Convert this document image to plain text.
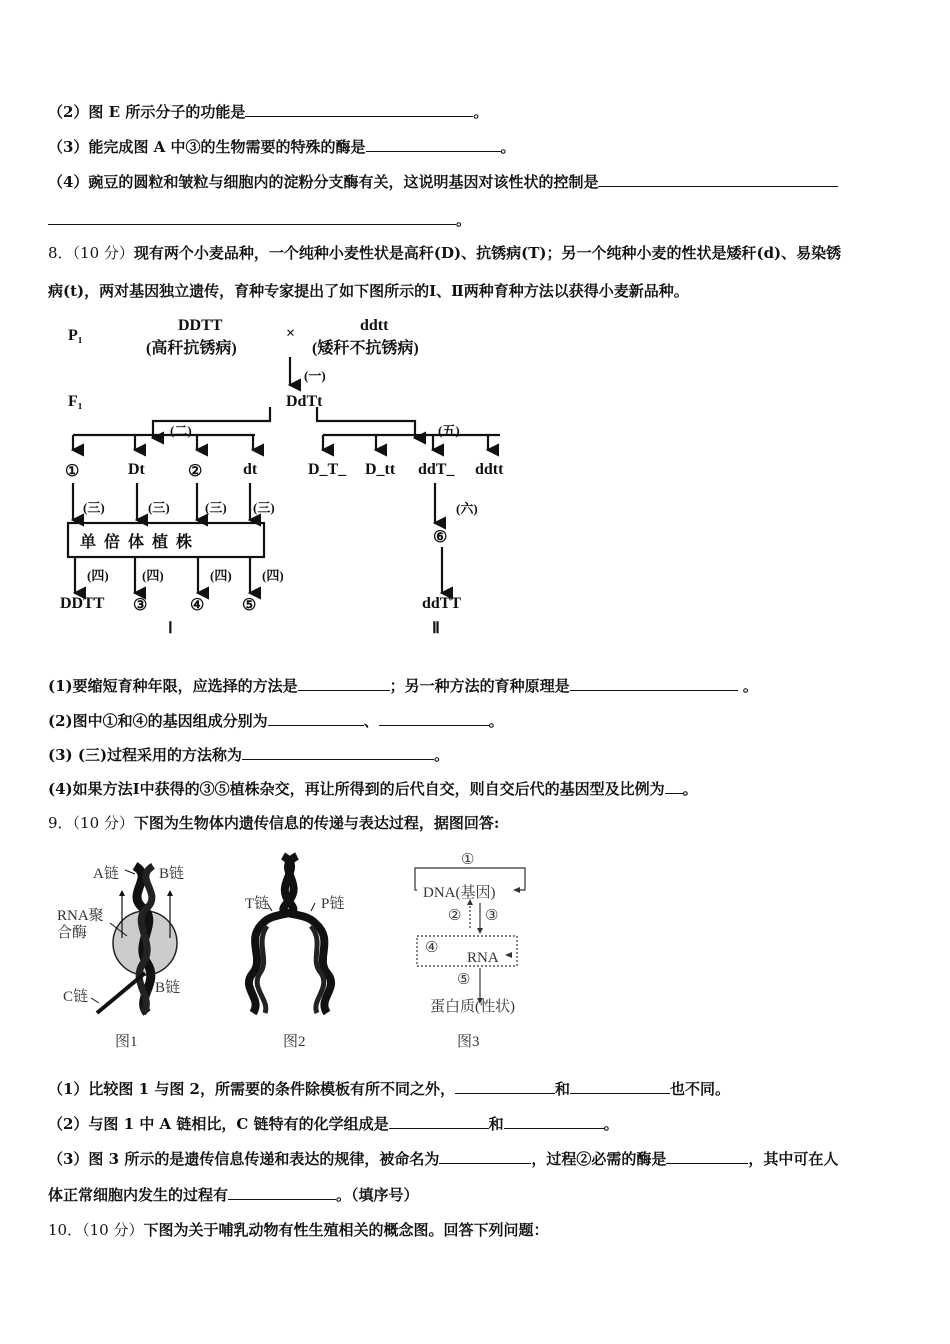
（2）图 E 所示分子的功能是	。
（3）能完成图 A 中③的生物需要的特殊的酶是	。
（4）豌豆的圆粒和皱粒与细胞内的淀粉分支酶有关，这说明基因对该性状的控制是
。
8．（10 分）现有两个小麦品种，一个纯种小麦性状是高秆(D)、抗锈病(T)；另一个纯种小麦的性状是矮秆(d)、易染锈
病(t)，两对基因独立遗传，育种专家提出了如下图所示的Ⅰ、Ⅱ两种育种方法以获得小麦新品种。
P₁
DDTT
(高秆抗锈病)
×	ddtt
(矮秆不抗锈病)
(一)
F₁	DdTt
(二)	(五)
①	Dt	②	dt	D_T_ D_tt ddT_ ddtt
(三)	(三)	(三) (三)
单 倍 体 植 株
(四)	(四)	(四) (四)
DDTT ③	④ ⑤
Ⅰ
(六)
⑥
ddTT
Ⅱ
(1)要缩短育种年限，应选择的方法是	；另一种方法的育种原理是	。
(2)图中①和④的基因组成分别为	、	。
(3) (三)过程采用的方法称为	。
(4)如果方法Ⅰ中获得的③⑤植株杂交，再让所得到的后代自交，则自交后代的基因型及比例为 。
9．（10 分）下图为生物体内遗传信息的传递与表达过程，据图回答:
A链	B链
RNA聚
合酶
C链
B链
图1
T链	P链
图2
①
DNA(基因)
② ③
④
RNA
⑤
蛋白质(性状)
图3
（1）比较图 1 与图 2，所需要的条件除模板有所不同之外，	和	也不同。
（2）与图 1 中 A 链相比，C 链特有的化学组成是	和	。
（3）图 3 所示的是遗传信息传递和表达的规律，被命名为	，过程②必需的酶是	，其中可在人
体正常细胞内发生的过程有	。（填序号）
10．（10 分）下图为关于哺乳动物有性生殖相关的概念图。回答下列问题：
